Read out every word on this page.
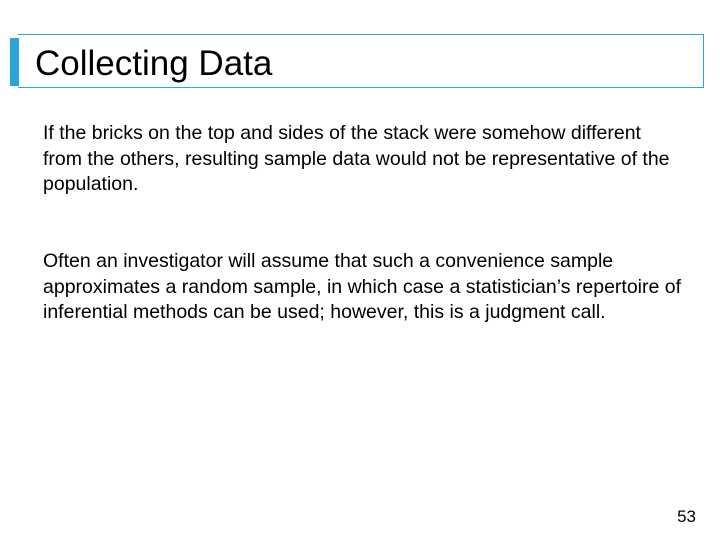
Collecting Data
If the bricks on the top and sides of the stack were somehow different from the others, resulting sample data would not be representative of the population.
Often an investigator will assume that such a convenience sample approximates a random sample, in which case a statistician’s repertoire of inferential methods can be used; however, this is a judgment call.
53
